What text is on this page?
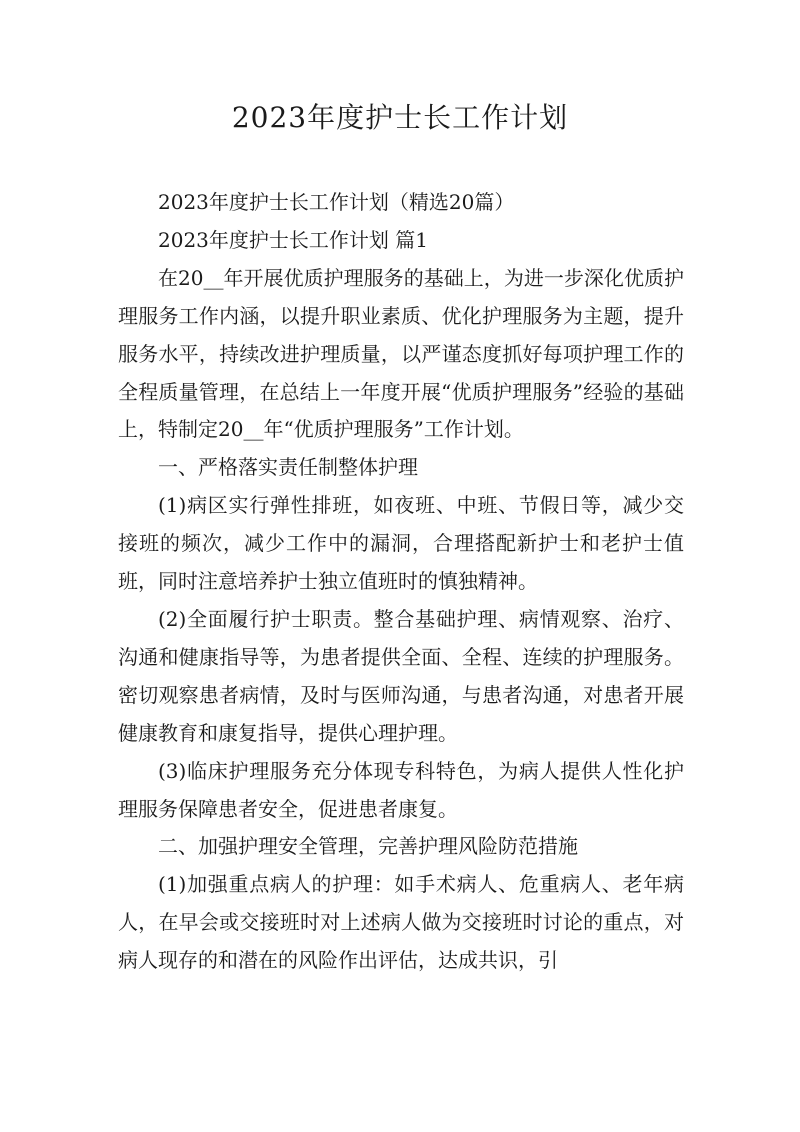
2023年度护士长工作计划

2023年度护士长工作计划（精选20篇）

2023年度护士长工作计划 篇1

在20__年开展优质护理服务的基础上，为进一步深化优质护理服务工作内涵，以提升职业素质、优化护理服务为主题，提升服务水平，持续改进护理质量，以严谨态度抓好每项护理工作的全程质量管理，在总结上一年度开展“优质护理服务”经验的基础上，特制定20__年“优质护理服务”工作计划。

一、严格落实责任制整体护理

(1)病区实行弹性排班，如夜班、中班、节假日等，减少交接班的频次，减少工作中的漏洞，合理搭配新护士和老护士值班，同时注意培养护士独立值班时的慎独精神。

(2)全面履行护士职责。整合基础护理、病情观察、治疗、沟通和健康指导等，为患者提供全面、全程、连续的护理服务。密切观察患者病情，及时与医师沟通，与患者沟通，对患者开展健康教育和康复指导，提供心理护理。

(3)临床护理服务充分体现专科特色，为病人提供人性化护理服务保障患者安全，促进患者康复。

二、加强护理安全管理，完善护理风险防范措施

(1)加强重点病人的护理：如手术病人、危重病人、老年病人，在早会或交接班时对上述病人做为交接班时讨论的重点，对病人现存的和潜在的风险作出评估，达成共识，引
